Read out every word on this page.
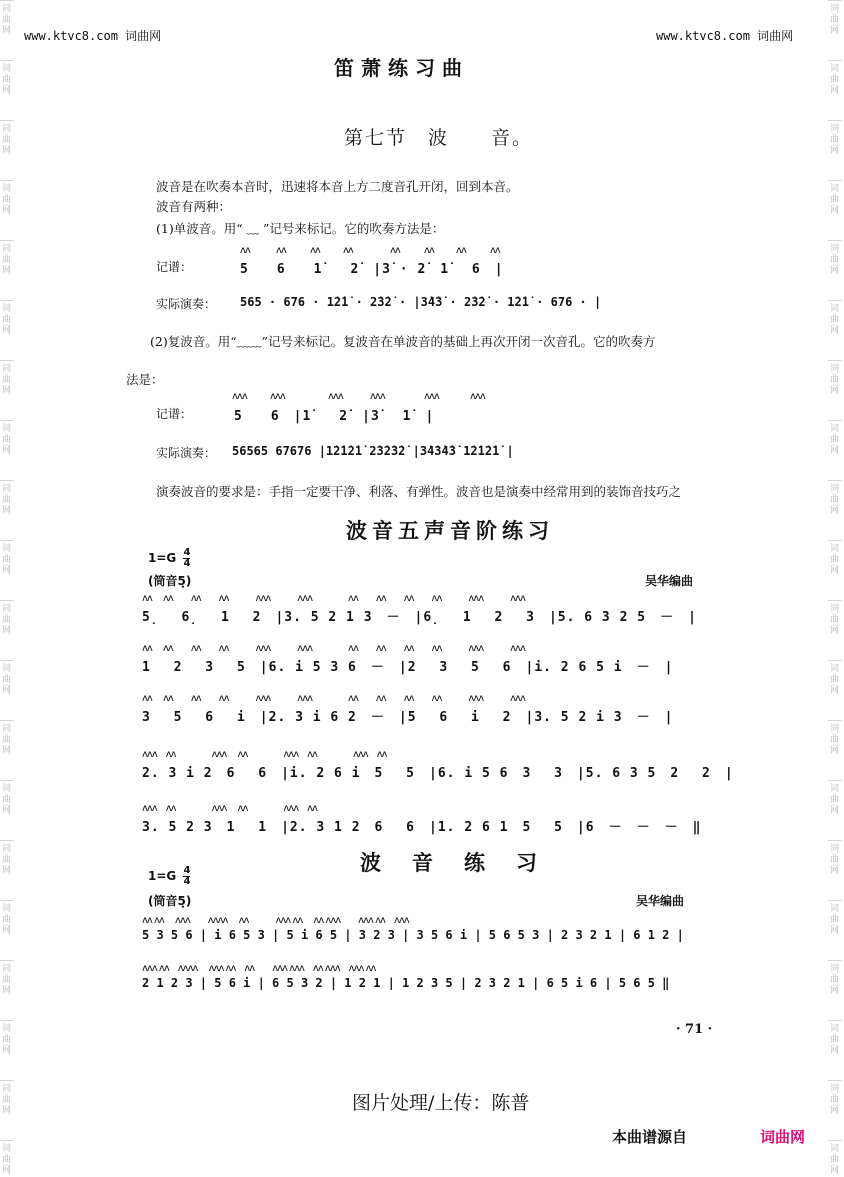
词
曲
网
词
曲
网
词
曲
网
词
曲
网
词
曲
网
词
曲
网
词
曲
网
词
曲
网
词
曲
网
词
曲
网
词
曲
网
词
曲
网
词
曲
网
词
曲
网
词
曲
网
词
曲
网
词
曲
网
词
曲
网
词
曲
网
词
曲
网
词
曲
网
词
曲
网
词
曲
网
词
曲
网
词
曲
网
词
曲
网
词
曲
网
词
曲
网
词
曲
网
词
曲
网
词
曲
网
词
曲
网
词
曲
网
词
曲
网
词
曲
网
词
曲
网
词
曲
网
词
曲
网
词
曲
网
词
曲
网
www.ktvc8.com 词曲网	www.ktvc8.com 词曲网
笛萧练习曲
第七节　波　　音。
波音是在吹奏本音时，迅速将本音上方二度音孔开闭，回到本音。
波音有两种：
(1)单波音。用“ ﹏ ”记号来标记。它的吹奏方法是：
记谱：
ʌʌ	ʌʌ ʌʌ ʌʌ	ʌʌ ʌʌ ʌʌ ʌʌ
5　　6　　1̇　　2̇　|3̇ · 2̇　1̇　 6　|
实际演奏： 565 · 676 · 1̇2̇1̇ · 2̇3̇2̇ · |3̇4̇3̇ · 2̇3̇2̇ · 1̇2̇1̇ · 676 · |
(2)复波音。用“﹏﹏”记号来标记。复波音在单波音的基础上再次开闭一次音孔。它的吹奏方
法是：
记谱：
ʌʌʌ ʌʌʌ	ʌʌʌ	ʌʌʌ	ʌʌʌ	ʌʌʌ
5　　6　|1̇　　2̇　|3̇　 1̇　|
实际演奏： 56565 67676 |1̇2̇1̇2̇1̇ 2̇3̇2̇3̇2̇ |3̇4̇3̇4̇3̇ 1̇2̇1̇2̇1̇ |
演奏波音的要求是：手指一定要干净、利落、有弹性。波音也是演奏中经常用到的装饰音技巧之
波音五声音阶练习
$1=G \frac{4}{4}$
(筒音5̣)	吴华编曲
5̣　 6̣　 1　 2　|3. 5 2 1 3　－　|6̣　 1　 2　 3　|5. 6 3 2 5　－　|
1　 2　 3　 5　|6. i 5 3 6　－　|2　 3　 5　 6　|i. 2 6 5 i　－　|
3　 5　 6　 i　|2. 3 i 6 2　－　|5　 6　 i　 2　|3. 5 2 i 3　－　|
2. 3 i 2　6　 6　|i. 2 6 i　5　 5　|6. i 5 6　3　 3　|5. 6 3 5　2　 2　|
3. 5 2 3　1　 1　|2. 3 1 2　6　 6　|1. 2 6 1　5　 5　|6　－　－　－　‖
ʌʌ　 ʌʌ　　ʌʌ　　ʌʌ　　　ʌʌʌ　　　ʌʌʌ　　　　ʌʌ　　ʌʌ　　ʌʌ　　ʌʌ　　　ʌʌʌ　　　ʌʌʌ
ʌʌ　 ʌʌ　　ʌʌ　　ʌʌ　　　ʌʌʌ　　　ʌʌʌ　　　　ʌʌ　　ʌʌ　　ʌʌ　　ʌʌ　　　ʌʌʌ　　　ʌʌʌ
ʌʌ　 ʌʌ　　ʌʌ　　ʌʌ　　　ʌʌʌ　　　ʌʌʌ　　　　ʌʌ　　ʌʌ　　ʌʌ　　ʌʌ　　　ʌʌʌ　　　ʌʌʌ
ʌʌʌ　ʌʌ　　　　ʌʌʌ　 ʌʌ　　　　ʌʌʌ　ʌʌ　　　　ʌʌʌ　ʌʌ
ʌʌʌ　ʌʌ　　　　ʌʌʌ　 ʌʌ　　　　ʌʌʌ　ʌʌ
波　音　练　习
$1=G \frac{4}{4}$
(筒音5̣)	吴华编曲
ʌʌ ʌʌ　 ʌʌʌ　　ʌʌʌʌ　 ʌʌ　　　ʌʌʌ ʌʌ　 ʌʌ ʌʌʌ　　ʌʌʌ ʌʌ　ʌʌʌ
5 3 5 6 | i 6 5 3 | 5 i 6 5 | 3 2 3 | 3 5 6 i | 5 6 5 3 | 2 3 2 1 | 6 1 2 |
ʌʌʌ ʌʌ　ʌʌʌʌ　 ʌʌʌ ʌʌ　ʌʌ　　ʌʌʌ ʌʌʌ　ʌʌ ʌʌʌ　ʌʌʌ ʌʌ
2 1 2 3 | 5 6 i | 6 5 3 2 | 1 2 1 | 1 2 3 5 | 2 3 2 1 | 6 5 i 6 | 5 6 5 ‖
· 71 ·
图片处理/上传：陈普
本曲谱源自	词曲网
